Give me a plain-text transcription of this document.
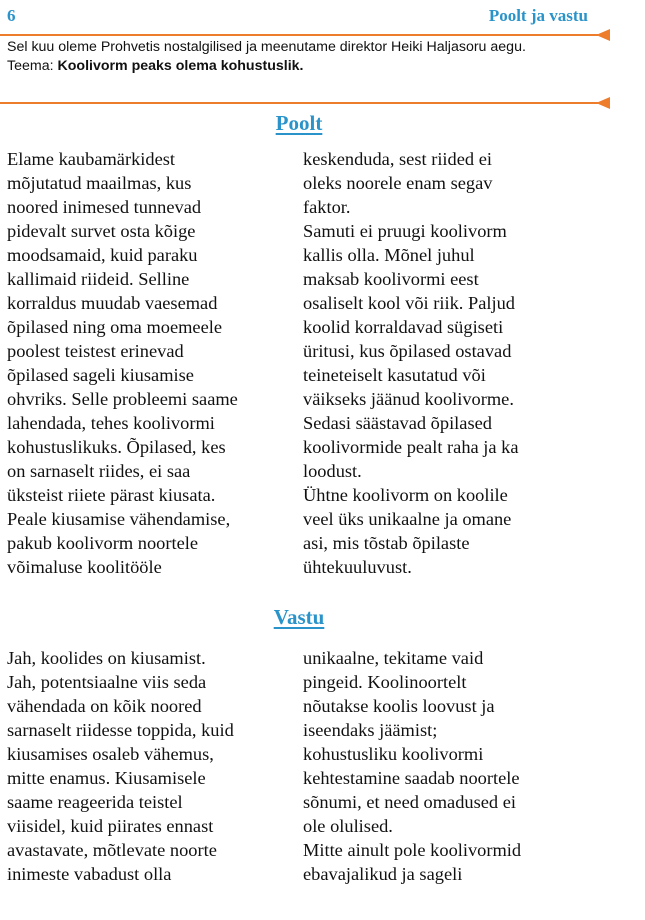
6	Poolt ja vastu

Sel kuu oleme Prohvetis nostalgilised ja meenutame direktor Heiki Haljasoru aegu.

Teema: Koolivorm peaks olema kohustuslik.

Poolt
Elame kaubamärkidest
mõjutatud maailmas, kus
noored inimesed tunnevad
pidevalt survet osta kõige
moodsamaid, kuid paraku
kallimaid riideid. Selline
korraldus muudab vaesemad
õpilased ning oma moemeele
poolest teistest erinevad
õpilased sageli kiusamise
ohvriks. Selle probleemi saame
lahendada, tehes koolivormi
kohustuslikuks. Õpilased, kes
on sarnaselt riides, ei saa
üksteist riiete pärast kiusata.
Peale kiusamise vähendamise,
pakub koolivorm noortele
võimaluse koolitööle
keskenduda, sest riided ei
oleks noorele enam segav
faktor.
Samuti ei pruugi koolivorm
kallis olla. Mõnel juhul
maksab koolivormi eest
osaliselt kool või riik. Paljud
koolid korraldavad sügiseti
üritusi, kus õpilased ostavad
teineteiselt kasutatud või
väikseks jäänud koolivorme.
Sedasi säästavad õpilased
koolivormide pealt raha ja ka
loodust.
Ühtne koolivorm on koolile
veel üks unikaalne ja omane
asi, mis tõstab õpilaste
ühtekuuluvust.
Vastu
Jah, koolides on kiusamist.
Jah, potentsiaalne viis seda
vähendada on kõik noored
sarnaselt riidesse toppida, kuid
kiusamises osaleb vähemus,
mitte enamus. Kiusamisele
saame reageerida teistel
viisidel, kuid piirates ennast
avastavate, mõtlevate noorte
inimeste vabadust olla
unikaalne, tekitame vaid
pingeid. Koolinoortelt
nõutakse koolis loovust ja
iseendaks jäämist;
kohustusliku koolivormi
kehtestamine saadab noortele
sõnumi, et need omadused ei
ole olulised.
Mitte ainult pole koolivormid
ebavajalikud ja sageli
